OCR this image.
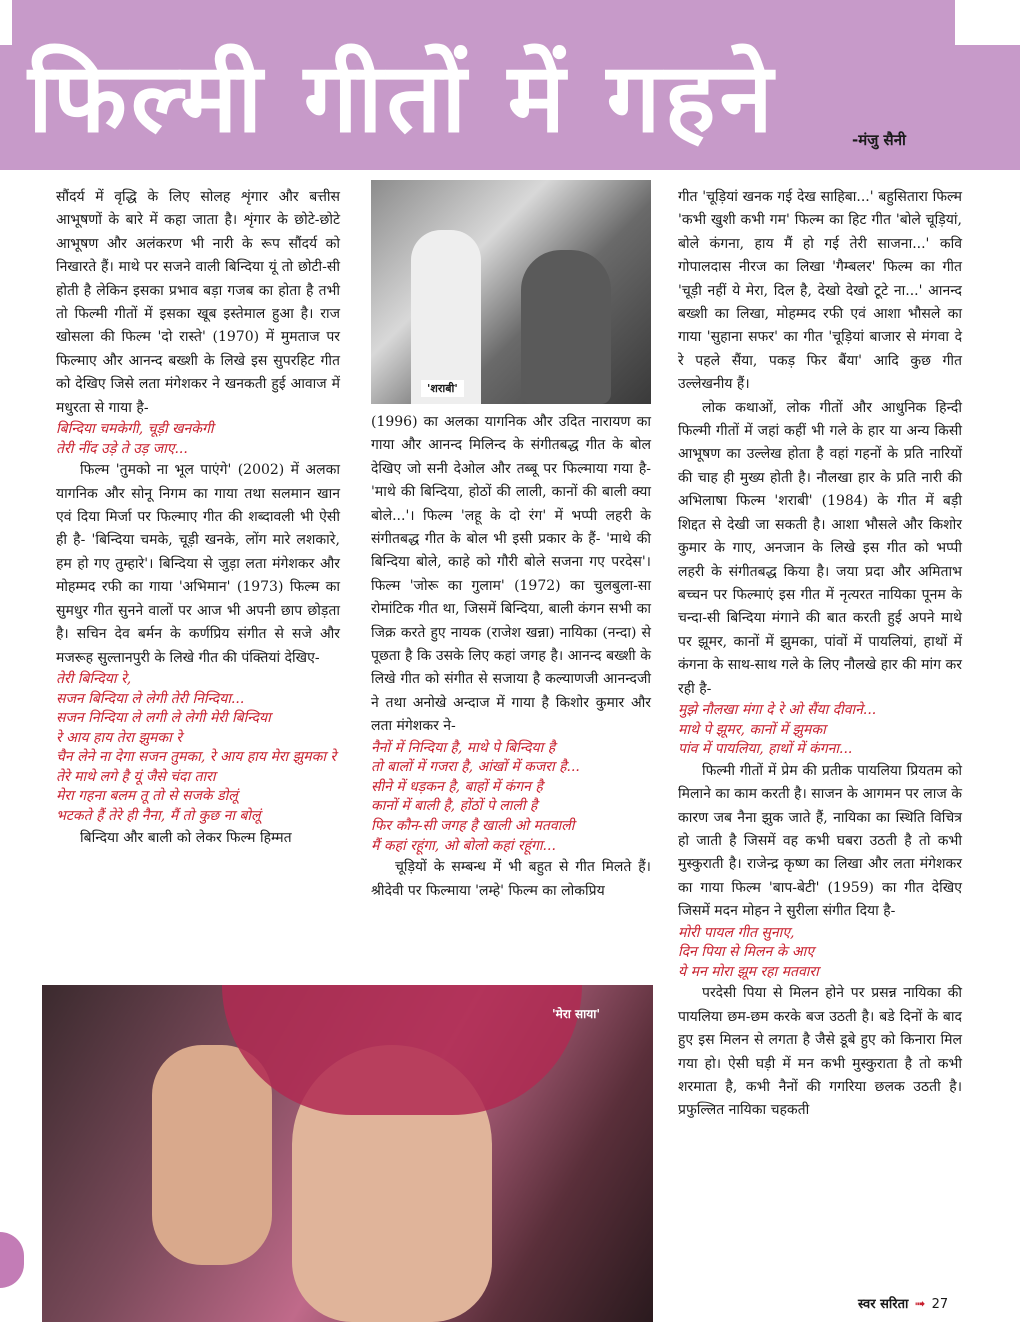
फिल्मी गीतों में गहने	-मंजु सैनी
'शराबी'

सौंदर्य में वृद्धि के लिए सोलह शृंगार और बत्तीस आभूषणों के बारे में कहा जाता है। शृंगार के छोटे-छोटे आभूषण और अलंकरण भी नारी के रूप सौंदर्य को निखारते हैं। माथे पर सजने वाली बिन्दिया यूं तो छोटी-सी होती है लेकिन इसका प्रभाव बड़ा गजब का होता है तभी तो फिल्मी गीतों में इसका खूब इस्तेमाल हुआ है। राज खोसला की फिल्म 'दो रास्ते' (1970) में मुमताज पर फिल्माए और आनन्द बख्शी के लिखे इस सुपरहिट गीत को देखिए जिसे लता मंगेशकर ने खनकती हुई आवाज में मधुरता से गाया है-

बिन्दिया चमकेगी, चूड़ी खनकेगी
तेरी नींद उड़े ते उड़ जाए...

फिल्म 'तुमको ना भूल पाएंगे' (2002) में अलका यागनिक और सोनू निगम का गाया तथा सलमान खान एवं दिया मिर्जा पर फिल्माए गीत की शब्दावली भी ऐसी ही है- 'बिन्दिया चमके, चूड़ी खनके, लोंग मारे लशकारे, हम हो गए तुम्हारे'। बिन्दिया से जुड़ा लता मंगेशकर और मोहम्मद रफी का गाया 'अभिमान' (1973) फिल्म का सुमधुर गीत सुनने वालों पर आज भी अपनी छाप छोड़ता है। सचिन देव बर्मन के कर्णप्रिय संगीत से सजे और मजरूह सुल्तानपुरी के लिखे गीत की पंक्तियां देखिए-

तेरी बिन्दिया रे,
सजन बिन्दिया ले लेगी तेरी निन्दिया...
सजन निन्दिया ले लगी ले लेगी मेरी बिन्दिया
रे आय हाय तेरा झुमका रे
चैन लेने ना देगा सजन तुमका, रे आय हाय मेरा झुमका रे
तेरे माथे लगे है यूं जैसे चंदा तारा
मेरा गहना बलम तू तो से सजके डोलूं
भटकते हैं तेरे ही नैना, मैं तो कुछ ना बोलूं

बिन्दिया और बाली को लेकर फिल्म हिम्मत

(1996) का अलका यागनिक और उदित नारायण का गाया और आनन्द मिलिन्द के संगीतबद्ध गीत के बोल देखिए जो सनी देओल और तब्बू पर फिल्माया गया है- 'माथे की बिन्दिया, होठों की लाली, कानों की बाली क्या बोले...'। फिल्म 'लहू के दो रंग' में भप्पी लहरी के संगीतबद्ध गीत के बोल भी इसी प्रकार के हैं- 'माथे की बिन्दिया बोले, काहे को गौरी बोले सजना गए परदेस'। फिल्म 'जोरू का गुलाम' (1972) का चुलबुला-सा रोमांटिक गीत था, जिसमें बिन्दिया, बाली कंगन सभी का जिक्र करते हुए नायक (राजेश खन्ना) नायिका (नन्दा) से पूछता है कि उसके लिए कहां जगह है। आनन्द बख्शी के लिखे गीत को संगीत से सजाया है कल्याणजी आनन्दजी ने तथा अनोखे अन्दाज में गाया है किशोर कुमार और लता मंगेशकर ने-

नैनों में निन्दिया है, माथे पे बिन्दिया है
तो बालों में गजरा है, आंखों में कजरा है...
सीने में धड़कन है, बाहों में कंगन है
कानों में बाली है, होंठों पे लाली है
फिर कौन-सी जगह है खाली ओ मतवाली
मैं कहां रहूंगा, ओ बोलो कहां रहूंगा...

चूड़ियों के सम्बन्ध में भी बहुत से गीत मिलते हैं। श्रीदेवी पर फिल्माया 'लम्हे' फिल्म का लोकप्रिय

गीत 'चूड़ियां खनक गई देख साहिबा...' बहुसितारा फिल्म 'कभी खुशी कभी गम' फिल्म का हिट गीत 'बोले चूड़ियां, बोले कंगना, हाय मैं हो गई तेरी साजना...' कवि गोपालदास नीरज का लिखा 'गैम्बलर' फिल्म का गीत 'चूड़ी नहीं ये मेरा, दिल है, देखो देखो टूटे ना...' आनन्द बख्शी का लिखा, मोहम्मद रफी एवं आशा भौसले का गाया 'सुहाना सफर' का गीत 'चूड़ियां बाजार से मंगवा दे रे पहले सैंया, पकड़ फिर बैंया' आदि कुछ गीत उल्लेखनीय हैं।

लोक कथाओं, लोक गीतों और आधुनिक हिन्दी फिल्मी गीतों में जहां कहीं भी गले के हार या अन्य किसी आभूषण का उल्लेख होता है वहां गहनों के प्रति नारियों की चाह ही मुख्य होती है। नौलखा हार के प्रति नारी की अभिलाषा फिल्म 'शराबी' (1984) के गीत में बड़ी शिद्दत से देखी जा सकती है। आशा भौसले और किशोर कुमार के गाए, अनजान के लिखे इस गीत को भप्पी लहरी के संगीतबद्ध किया है। जया प्रदा और अमिताभ बच्चन पर फिल्माएं इस गीत में नृत्यरत नायिका पूनम के चन्दा-सी बिन्दिया मंगाने की बात करती हुई अपने माथे पर झूमर, कानों में झुमका, पांवों में पायलियां, हाथों में कंगना के साथ-साथ गले के लिए नौलखे हार की मांग कर रही है-

मुझे नौलखा मंगा दे रे ओ सैंया दीवाने...
माथे पे झूमर, कानों में झुमका
पांव में पायलिया, हाथों में कंगना...

फिल्मी गीतों में प्रेम की प्रतीक पायलिया प्रियतम को मिलाने का काम करती है। साजन के आगमन पर लाज के कारण जब नैना झुक जाते हैं, नायिका का स्थिति विचित्र हो जाती है जिसमें वह कभी घबरा उठती है तो कभी मुस्कुराती है। राजेन्द्र कृष्ण का लिखा और लता मंगेशकर का गाया फिल्म 'बाप-बेटी' (1959) का गीत देखिए जिसमें मदन मोहन ने सुरीला संगीत दिया है-

मोरी पायल गीत सुनाए,
दिन पिया से मिलन के आए
ये मन मोरा झूम रहा मतवारा

परदेसी पिया से मिलन होने पर प्रसन्न नायिका की पायलिया छम-छम करके बज उठती है। बडे दिनों के बाद हुए इस मिलन से लगता है जैसे डूबे हुए को किनारा मिल गया हो। ऐसी घड़ी में मन कभी मुस्कुराता है तो कभी शरमाता है, कभी नैनों की गगरिया छलक उठती है। प्रफुल्लित नायिका चहकती

'मेरा साया'
स्वर सरिता ➟ 27
